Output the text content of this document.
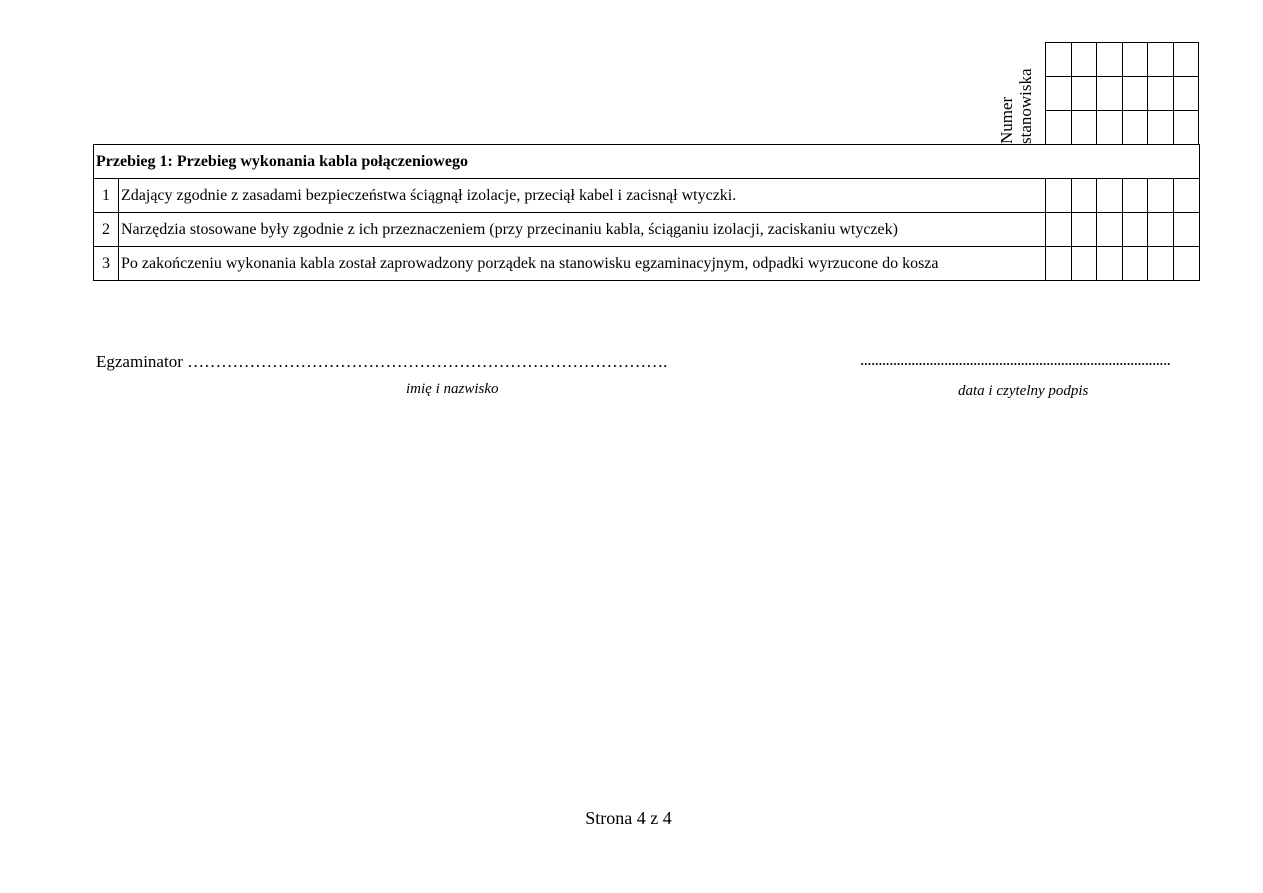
Numer stanowiska

Przebieg 1: Przebieg wykonania kabla połączeniowego							
1	Zdający zgodnie z zasadami bezpieczeństwa ściągnął izolacje, przeciął kabel i zacisnął wtyczki.						
2	Narzędzia stosowane były zgodnie z ich przeznaczeniem (przy przecinaniu kabla, ściąganiu izolacji, zaciskaniu wtyczek)						
3	Po zakończeniu wykonania kabla został zaprowadzony porządek na stanowisku egzaminacyjnym, odpadki wyrzucone do kosza						
Egzaminator ………………………………………………………………………….
imię i nazwisko
.....................................................................................
data i czytelny podpis
Strona 4 z 4
